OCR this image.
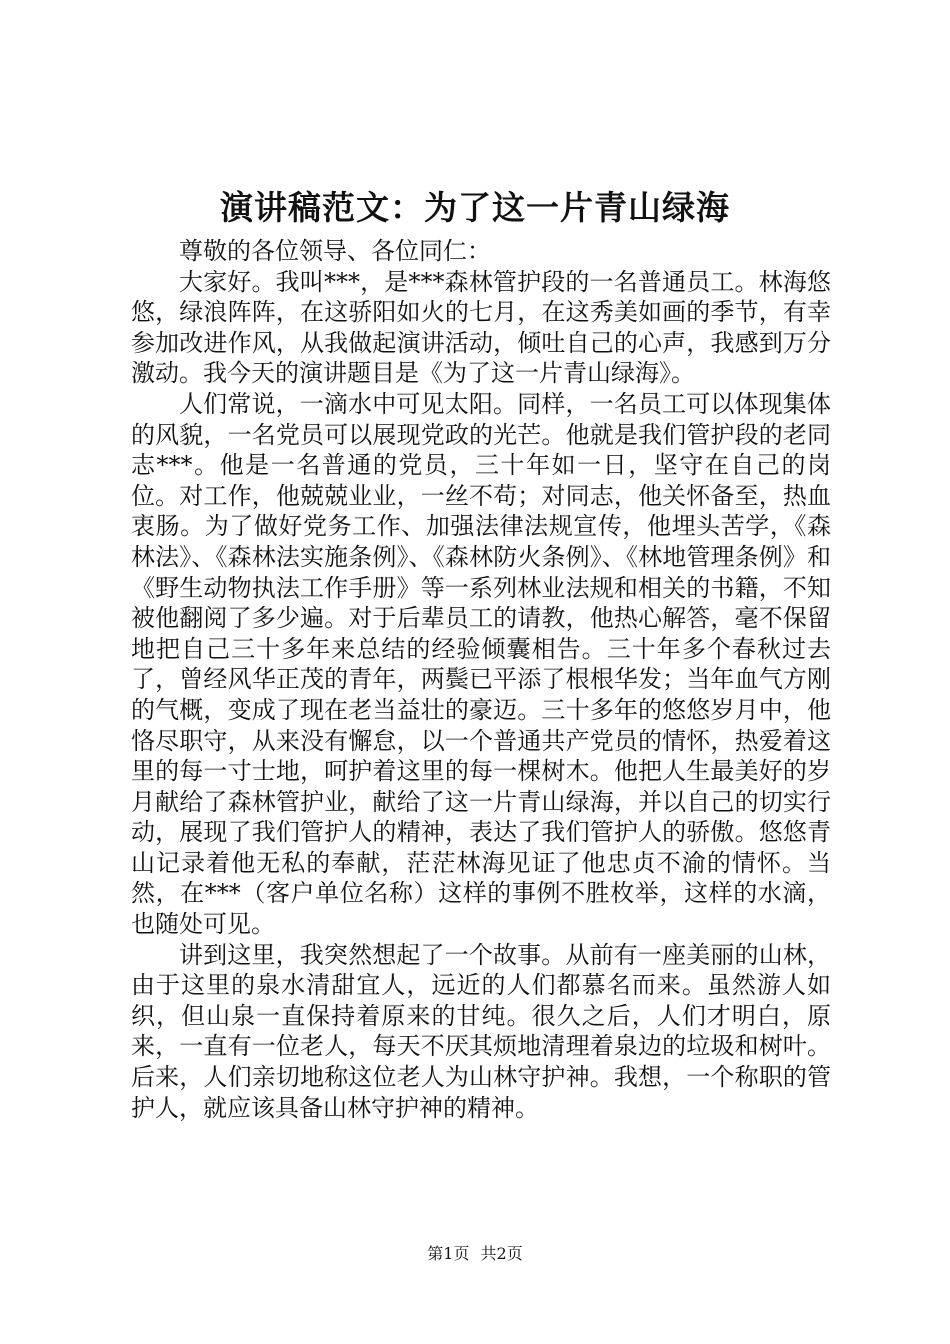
演讲稿范文：为了这一片青山绿海

尊敬的各位领导、各位同仁：

大家好。我叫***，是***森林管护段的一名普通员工。林海悠悠，绿浪阵阵，在这骄阳如火的七月，在这秀美如画的季节，有幸参加改进作风，从我做起演讲活动，倾吐自己的心声，我感到万分激动。我今天的演讲题目是《为了这一片青山绿海》。

人们常说，一滴水中可见太阳。同样，一名员工可以体现集体的风貌，一名党员可以展现党政的光芒。他就是我们管护段的老同志***。他是一名普通的党员，三十年如一日，坚守在自己的岗位。对工作，他兢兢业业，一丝不苟；对同志，他关怀备至，热血衷肠。为了做好党务工作、加强法律法规宣传，他埋头苦学，《森林法》、《森林法实施条例》、《森林防火条例》、《林地管理条例》和《野生动物执法工作手册》等一系列林业法规和相关的书籍，不知被他翻阅了多少遍。对于后辈员工的请教，他热心解答，毫不保留地把自己三十多年来总结的经验倾囊相告。三十年多个春秋过去了，曾经风华正茂的青年，两鬓已平添了根根华发；当年血气方刚的气概，变成了现在老当益壮的豪迈。三十多年的悠悠岁月中，他恪尽职守，从来没有懈怠，以一个普通共产党员的情怀，热爱着这里的每一寸士地，呵护着这里的每一棵树木。他把人生最美好的岁月献给了森林管护业，献给了这一片青山绿海，并以自己的切实行动，展现了我们管护人的精神，表达了我们管护人的骄傲。悠悠青山记录着他无私的奉献，茫茫林海见证了他忠贞不渝的情怀。当然，在***（客户单位名称）这样的事例不胜枚举，这样的水滴，也随处可见。

讲到这里，我突然想起了一个故事。从前有一座美丽的山林，由于这里的泉水清甜宜人，远近的人们都慕名而来。虽然游人如织，但山泉一直保持着原来的甘纯。很久之后，人们才明白，原来，一直有一位老人，每天不厌其烦地清理着泉边的垃圾和树叶。后来，人们亲切地称这位老人为山林守护神。我想，一个称职的管护人，就应该具备山林守护神的精神。

第1页 共2页
